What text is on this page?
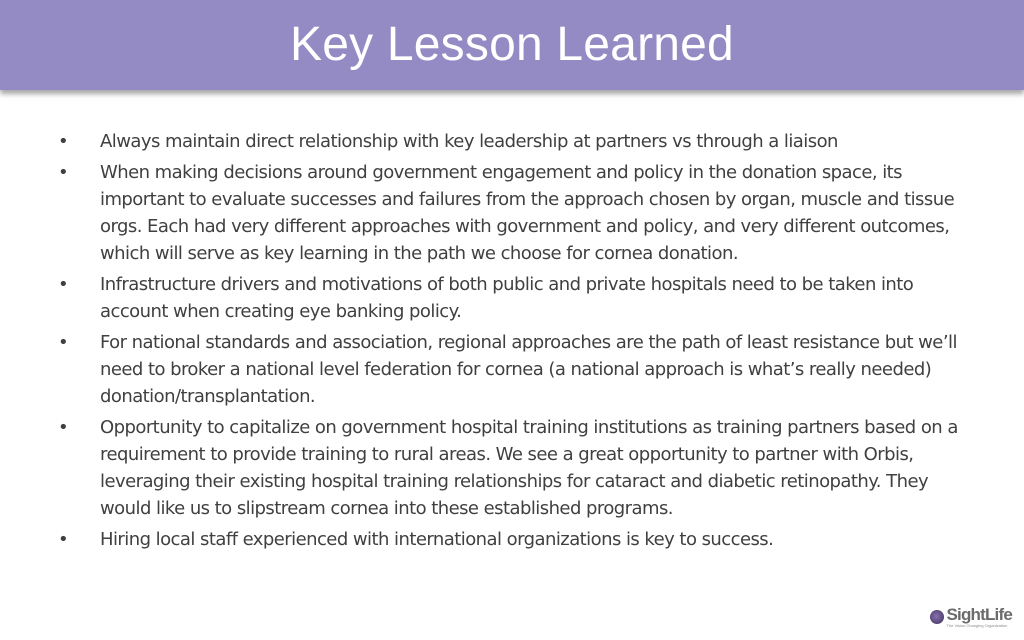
Key Lesson Learned
• Always maintain direct relationship with key leadership at partners vs through a liaison
• When making decisions around government engagement and policy in the donation space, its important to evaluate successes and failures from the approach chosen by organ, muscle and tissue orgs. Each had very different approaches with government and policy, and very different outcomes, which will serve as key learning in the path we choose for cornea donation.
• Infrastructure drivers and motivations of both public and private hospitals need to be taken into account when creating eye banking policy.
• For national standards and association, regional approaches are the path of least resistance but we’ll need to broker a national level federation for cornea (a national approach is what’s really needed) donation/transplantation.
• Opportunity to capitalize on government hospital training institutions as training partners based on a requirement to provide training to rural areas. We see a great opportunity to partner with Orbis, leveraging their existing hospital training relationships for cataract and diabetic retinopathy. They would like us to slipstream cornea into these established programs.
• Hiring local staff experienced with international organizations is key to success.
SightLife
The Vision Changing Organization
